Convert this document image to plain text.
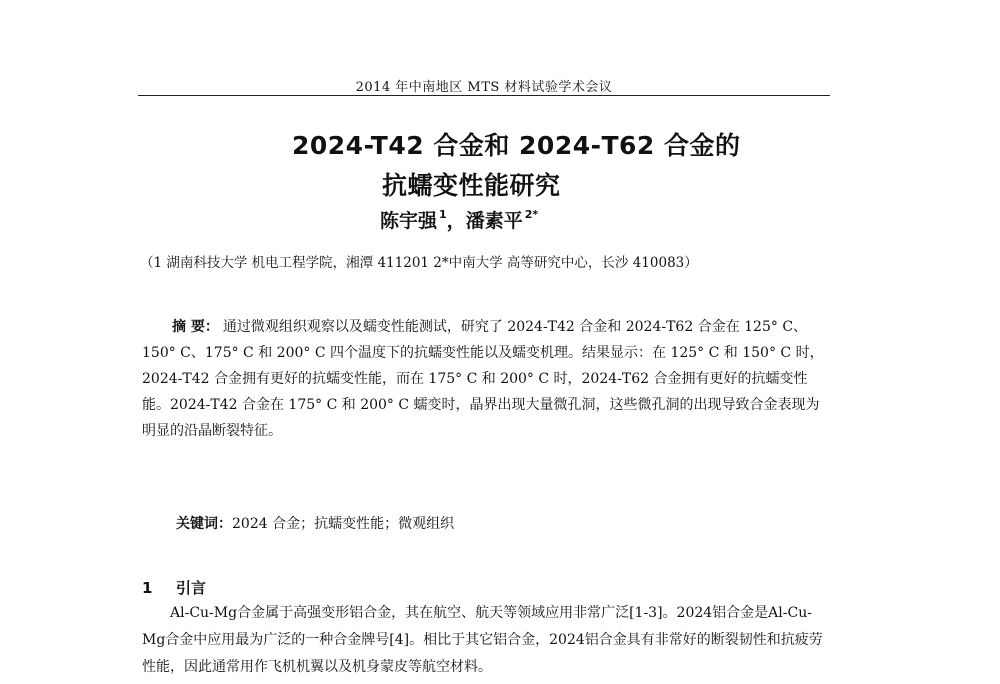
2014 年中南地区 MTS 材料试验学术会议
2024-T42 合金和 2024-T62 合金的
抗蠕变性能研究
陈宇强 $^1$，潘素平 $^{2*}$
（1 湖南科技大学 机电工程学院，湘潭 411201 2*中南大学 高等研究中心，长沙 410083）
摘 要： 通过微观组织观察以及蠕变性能测试，研究了 2024-T42 合金和 2024-T62 合金在 125° C、150° C、175° C 和 200° C 四个温度下的抗蠕变性能以及蠕变机理。结果显示：在 125° C 和 150° C 时，2024-T42 合金拥有更好的抗蠕变性能，而在 175° C 和 200° C 时，2024-T62 合金拥有更好的抗蠕变性能。2024-T42 合金在 175° C 和 200° C 蠕变时，晶界出现大量微孔洞，这些微孔洞的出现导致合金表现为明显的沿晶断裂特征。
关键词：2024 合金；抗蠕变性能；微观组织
1 引言
Al-Cu-Mg合金属于高强变形铝合金，其在航空、航天等领域应用非常广泛[1-3]。2024铝合金是Al-Cu-Mg合金中应用最为广泛的一种合金牌号[4]。相比于其它铝合金，2024铝合金具有非常好的断裂韧性和抗疲劳性能，因此通常用作飞机机翼以及机身蒙皮等航空材料。
